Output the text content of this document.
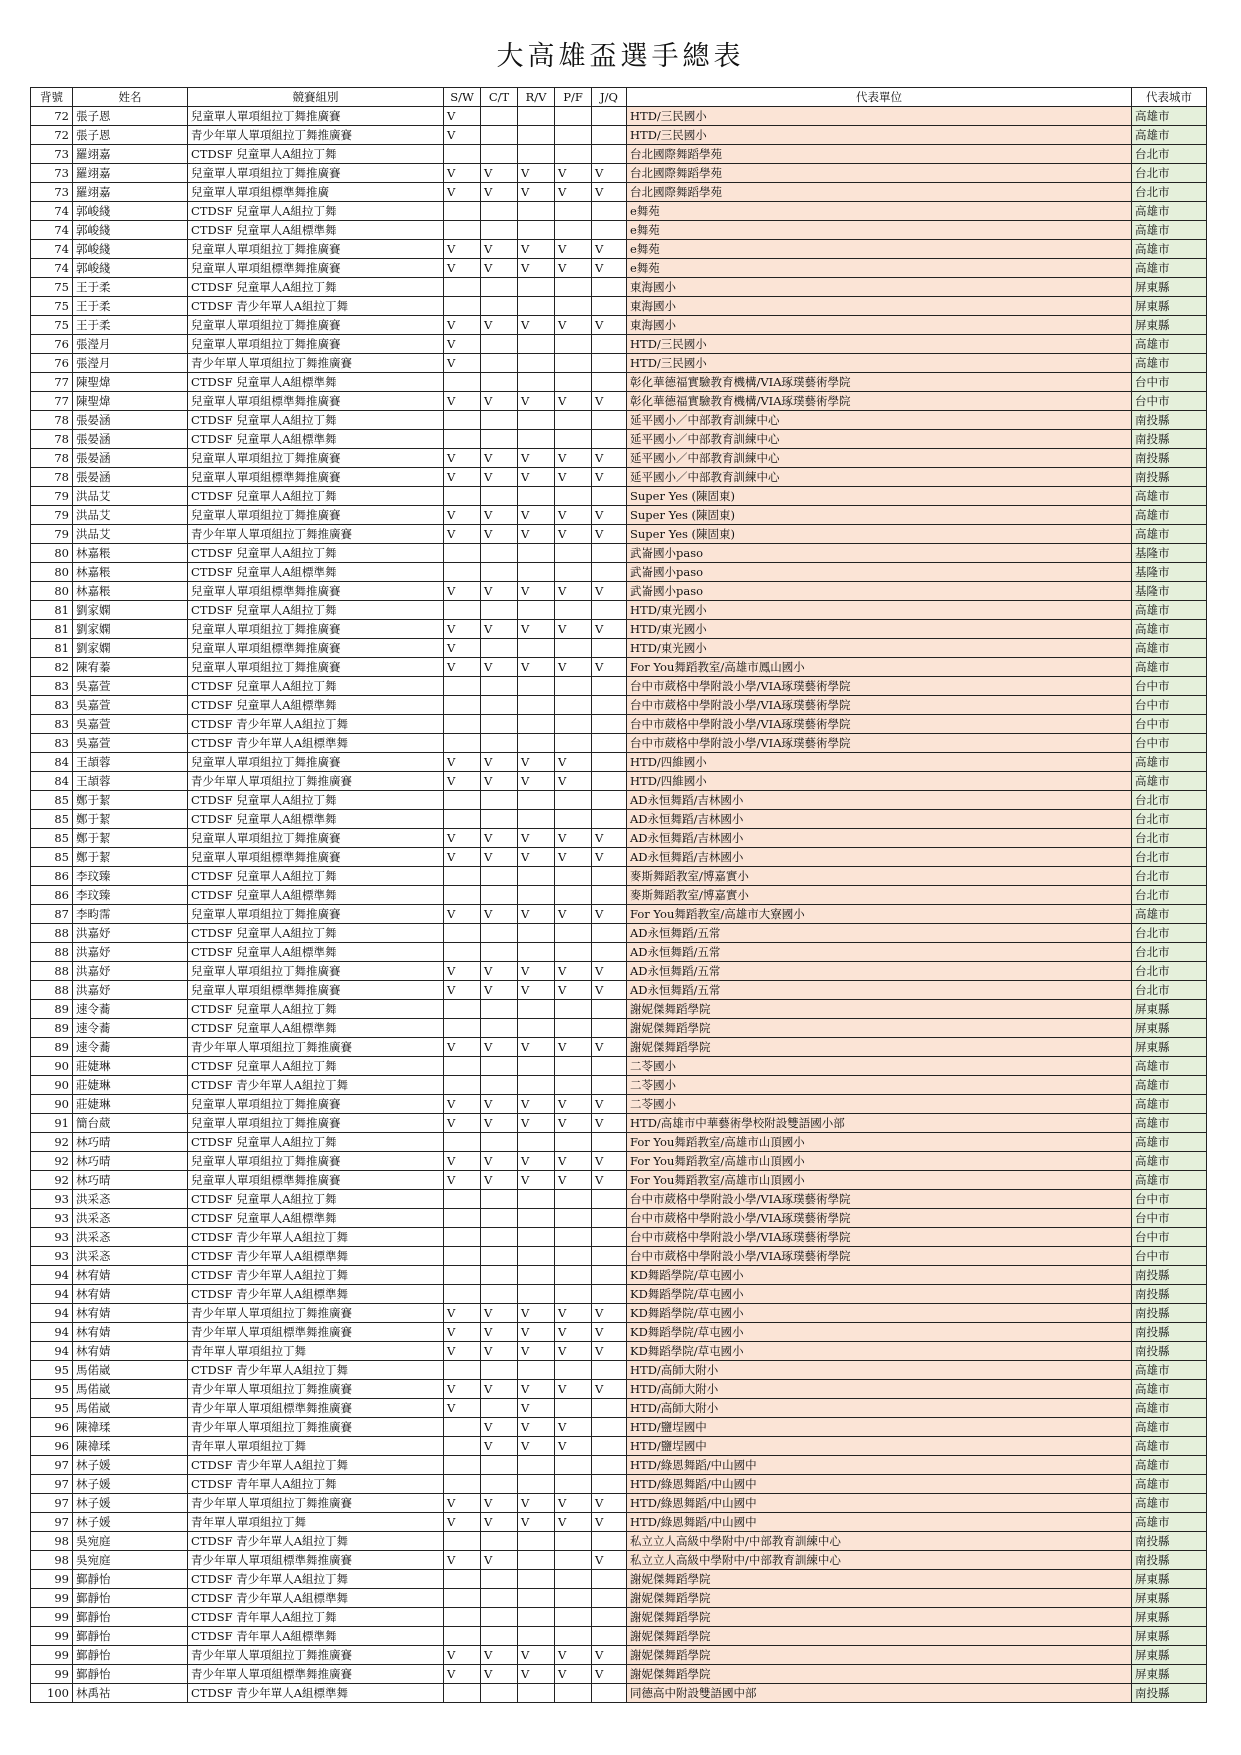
大高雄盃選手總表
背號	姓名	競賽組別	S/W	C/T	R/V	P/F	J/Q	代表單位	代表城市
72	張子恩	兒童單人單項組拉丁舞推廣賽	V					HTD/三民國小	高雄市
72	張子恩	青少年單人單項組拉丁舞推廣賽	V					HTD/三民國小	高雄市
73	羅翊嘉	CTDSF 兒童單人A組拉丁舞						台北國際舞蹈學苑	台北市
73	羅翊嘉	兒童單人單項組拉丁舞推廣賽	V	V	V	V	V	台北國際舞蹈學苑	台北市
73	羅翊嘉	兒童單人單項組標準舞推廣	V	V	V	V	V	台北國際舞蹈學苑	台北市
74	郭峻綫	CTDSF 兒童單人A組拉丁舞						e舞苑	高雄市
74	郭峻綫	CTDSF 兒童單人A組標準舞						e舞苑	高雄市
74	郭峻綫	兒童單人單項組拉丁舞推廣賽	V	V	V	V	V	e舞苑	高雄市
74	郭峻綫	兒童單人單項組標準舞推廣賽	V	V	V	V	V	e舞苑	高雄市
75	王于柔	CTDSF 兒童單人A組拉丁舞						東海國小	屏東縣
75	王于柔	CTDSF 青少年單人A組拉丁舞						東海國小	屏東縣
75	王于柔	兒童單人單項組拉丁舞推廣賽	V	V	V	V	V	東海國小	屏東縣
76	張瀅月	兒童單人單項組拉丁舞推廣賽	V					HTD/三民國小	高雄市
76	張瀅月	青少年單人單項組拉丁舞推廣賽	V					HTD/三民國小	高雄市
77	陳聖煒	CTDSF 兒童單人A組標準舞						彰化華德福實驗教育機構/VIA琢璞藝術學院	台中市
77	陳聖煒	兒童單人單項組標準舞推廣賽	V	V	V	V	V	彰化華德福實驗教育機構/VIA琢璞藝術學院	台中市
78	張晏涵	CTDSF 兒童單人A組拉丁舞						延平國小／中部教育訓練中心	南投縣
78	張晏涵	CTDSF 兒童單人A組標準舞						延平國小／中部教育訓練中心	南投縣
78	張晏涵	兒童單人單項組拉丁舞推廣賽	V	V	V	V	V	延平國小／中部教育訓練中心	南投縣
78	張晏涵	兒童單人單項組標準舞推廣賽	V	V	V	V	V	延平國小／中部教育訓練中心	南投縣
79	洪品艾	CTDSF 兒童單人A組拉丁舞						Super Yes (陳固東)	高雄市
79	洪品艾	兒童單人單項組拉丁舞推廣賽	V	V	V	V	V	Super Yes (陳固東)	高雄市
79	洪品艾	青少年單人單項組拉丁舞推廣賽	V	V	V	V	V	Super Yes (陳固東)	高雄市
80	林嘉粻	CTDSF 兒童單人A組拉丁舞						武崙國小paso	基隆市
80	林嘉粻	CTDSF 兒童單人A組標準舞						武崙國小paso	基隆市
80	林嘉粻	兒童單人單項組標準舞推廣賽	V	V	V	V	V	武崙國小paso	基隆市
81	劉家嫻	CTDSF 兒童單人A組拉丁舞						HTD/東光國小	高雄市
81	劉家嫻	兒童單人單項組拉丁舞推廣賽	V	V	V	V	V	HTD/東光國小	高雄市
81	劉家嫻	兒童單人單項組標準舞推廣賽	V					HTD/東光國小	高雄市
82	陳宥蓁	兒童單人單項組拉丁舞推廣賽	V	V	V	V	V	For You舞蹈教室/高雄市鳳山國小	高雄市
83	吳嘉萱	CTDSF 兒童單人A組拉丁舞						台中市葳格中學附設小學/VIA琢璞藝術學院	台中市
83	吳嘉萱	CTDSF 兒童單人A組標準舞						台中市葳格中學附設小學/VIA琢璞藝術學院	台中市
83	吳嘉萱	CTDSF 青少年單人A組拉丁舞						台中市葳格中學附設小學/VIA琢璞藝術學院	台中市
83	吳嘉萱	CTDSF 青少年單人A組標準舞						台中市葳格中學附設小學/VIA琢璞藝術學院	台中市
84	王頡蓉	兒童單人單項組拉丁舞推廣賽	V	V	V	V		HTD/四維國小	高雄市
84	王頡蓉	青少年單人單項組拉丁舞推廣賽	V	V	V	V		HTD/四維國小	高雄市
85	鄭于絜	CTDSF 兒童單人A組拉丁舞						AD永恒舞蹈/吉林國小	台北市
85	鄭于絜	CTDSF 兒童單人A組標準舞						AD永恒舞蹈/吉林國小	台北市
85	鄭于絜	兒童單人單項組拉丁舞推廣賽	V	V	V	V	V	AD永恒舞蹈/吉林國小	台北市
85	鄭于絜	兒童單人單項組標準舞推廣賽	V	V	V	V	V	AD永恒舞蹈/吉林國小	台北市
86	李玟臻	CTDSF 兒童單人A組拉丁舞						麥斯舞蹈教室/博嘉實小	台北市
86	李玟臻	CTDSF 兒童單人A組標準舞						麥斯舞蹈教室/博嘉實小	台北市
87	李畇霈	兒童單人單項組拉丁舞推廣賽	V	V	V	V	V	For You舞蹈教室/高雄市大寮國小	高雄市
88	洪嘉妤	CTDSF 兒童單人A組拉丁舞						AD永恒舞蹈/五常	台北市
88	洪嘉妤	CTDSF 兒童單人A組標準舞						AD永恒舞蹈/五常	台北市
88	洪嘉妤	兒童單人單項組拉丁舞推廣賽	V	V	V	V	V	AD永恒舞蹈/五常	台北市
88	洪嘉妤	兒童單人單項組標準舞推廣賽	V	V	V	V	V	AD永恒舞蹈/五常	台北市
89	速令蕎	CTDSF 兒童單人A組拉丁舞						謝妮傑舞蹈學院	屏東縣
89	速令蕎	CTDSF 兒童單人A組標準舞						謝妮傑舞蹈學院	屏東縣
89	速令蕎	青少年單人單項組拉丁舞推廣賽	V	V	V	V	V	謝妮傑舞蹈學院	屏東縣
90	莊婕琳	CTDSF 兒童單人A組拉丁舞						二苓國小	高雄市
90	莊婕琳	CTDSF 青少年單人A組拉丁舞						二苓國小	高雄市
90	莊婕琳	兒童單人單項組拉丁舞推廣賽	V	V	V	V	V	二苓國小	高雄市
91	簡台葳	兒童單人單項組拉丁舞推廣賽	V	V	V	V	V	HTD/高雄市中華藝術學校附設雙語國小部	高雄市
92	林巧晴	CTDSF 兒童單人A組拉丁舞						For You舞蹈教室/高雄市山頂國小	高雄市
92	林巧晴	兒童單人單項組拉丁舞推廣賽	V	V	V	V	V	For You舞蹈教室/高雄市山頂國小	高雄市
92	林巧晴	兒童單人單項組標準舞推廣賽	V	V	V	V	V	For You舞蹈教室/高雄市山頂國小	高雄市
93	洪采忞	CTDSF 兒童單人A組拉丁舞						台中市葳格中學附設小學/VIA琢璞藝術學院	台中市
93	洪采忞	CTDSF 兒童單人A組標準舞						台中市葳格中學附設小學/VIA琢璞藝術學院	台中市
93	洪采忞	CTDSF 青少年單人A組拉丁舞						台中市葳格中學附設小學/VIA琢璞藝術學院	台中市
93	洪采忞	CTDSF 青少年單人A組標準舞						台中市葳格中學附設小學/VIA琢璞藝術學院	台中市
94	林宥婧	CTDSF 青少年單人A組拉丁舞						KD舞蹈學院/草屯國小	南投縣
94	林宥婧	CTDSF 青少年單人A組標準舞						KD舞蹈學院/草屯國小	南投縣
94	林宥婧	青少年單人單項組拉丁舞推廣賽	V	V	V	V	V	KD舞蹈學院/草屯國小	南投縣
94	林宥婧	青少年單人單項組標準舞推廣賽	V	V	V	V	V	KD舞蹈學院/草屯國小	南投縣
94	林宥婧	青年單人單項組拉丁舞	V	V	V	V	V	KD舞蹈學院/草屯國小	南投縣
95	馬偌崴	CTDSF 青少年單人A組拉丁舞						HTD/高師大附小	高雄市
95	馬偌崴	青少年單人單項組拉丁舞推廣賽	V	V	V	V	V	HTD/高師大附小	高雄市
95	馬偌崴	青少年單人單項組標準舞推廣賽	V		V			HTD/高師大附小	高雄市
96	陳禕瑈	青少年單人單項組拉丁舞推廣賽		V	V	V		HTD/鹽埕國中	高雄市
96	陳禕瑈	青年單人單項組拉丁舞		V	V	V		HTD/鹽埕國中	高雄市
97	林子媛	CTDSF 青少年單人A組拉丁舞						HTD/綠恩舞蹈/中山國中	高雄市
97	林子媛	CTDSF 青年單人A組拉丁舞						HTD/綠恩舞蹈/中山國中	高雄市
97	林子媛	青少年單人單項組拉丁舞推廣賽	V	V	V	V	V	HTD/綠恩舞蹈/中山國中	高雄市
97	林子媛	青年單人單項組拉丁舞	V	V	V	V	V	HTD/綠恩舞蹈/中山國中	高雄市
98	吳宛庭	CTDSF 青少年單人A組拉丁舞						私立立人高級中學附中/中部教育訓練中心	南投縣
98	吳宛庭	青少年單人單項組標準舞推廣賽	V	V			V	私立立人高級中學附中/中部教育訓練中心	南投縣
99	鄞靜怡	CTDSF 青少年單人A組拉丁舞						謝妮傑舞蹈學院	屏東縣
99	鄞靜怡	CTDSF 青少年單人A組標準舞						謝妮傑舞蹈學院	屏東縣
99	鄞靜怡	CTDSF 青年單人A組拉丁舞						謝妮傑舞蹈學院	屏東縣
99	鄞靜怡	CTDSF 青年單人A組標準舞						謝妮傑舞蹈學院	屏東縣
99	鄞靜怡	青少年單人單項組拉丁舞推廣賽	V	V	V	V	V	謝妮傑舞蹈學院	屏東縣
99	鄞靜怡	青少年單人單項組標準舞推廣賽	V	V	V	V	V	謝妮傑舞蹈學院	屏東縣
100	林禹祜	CTDSF 青少年單人A組標準舞						同德高中附設雙語國中部	南投縣
